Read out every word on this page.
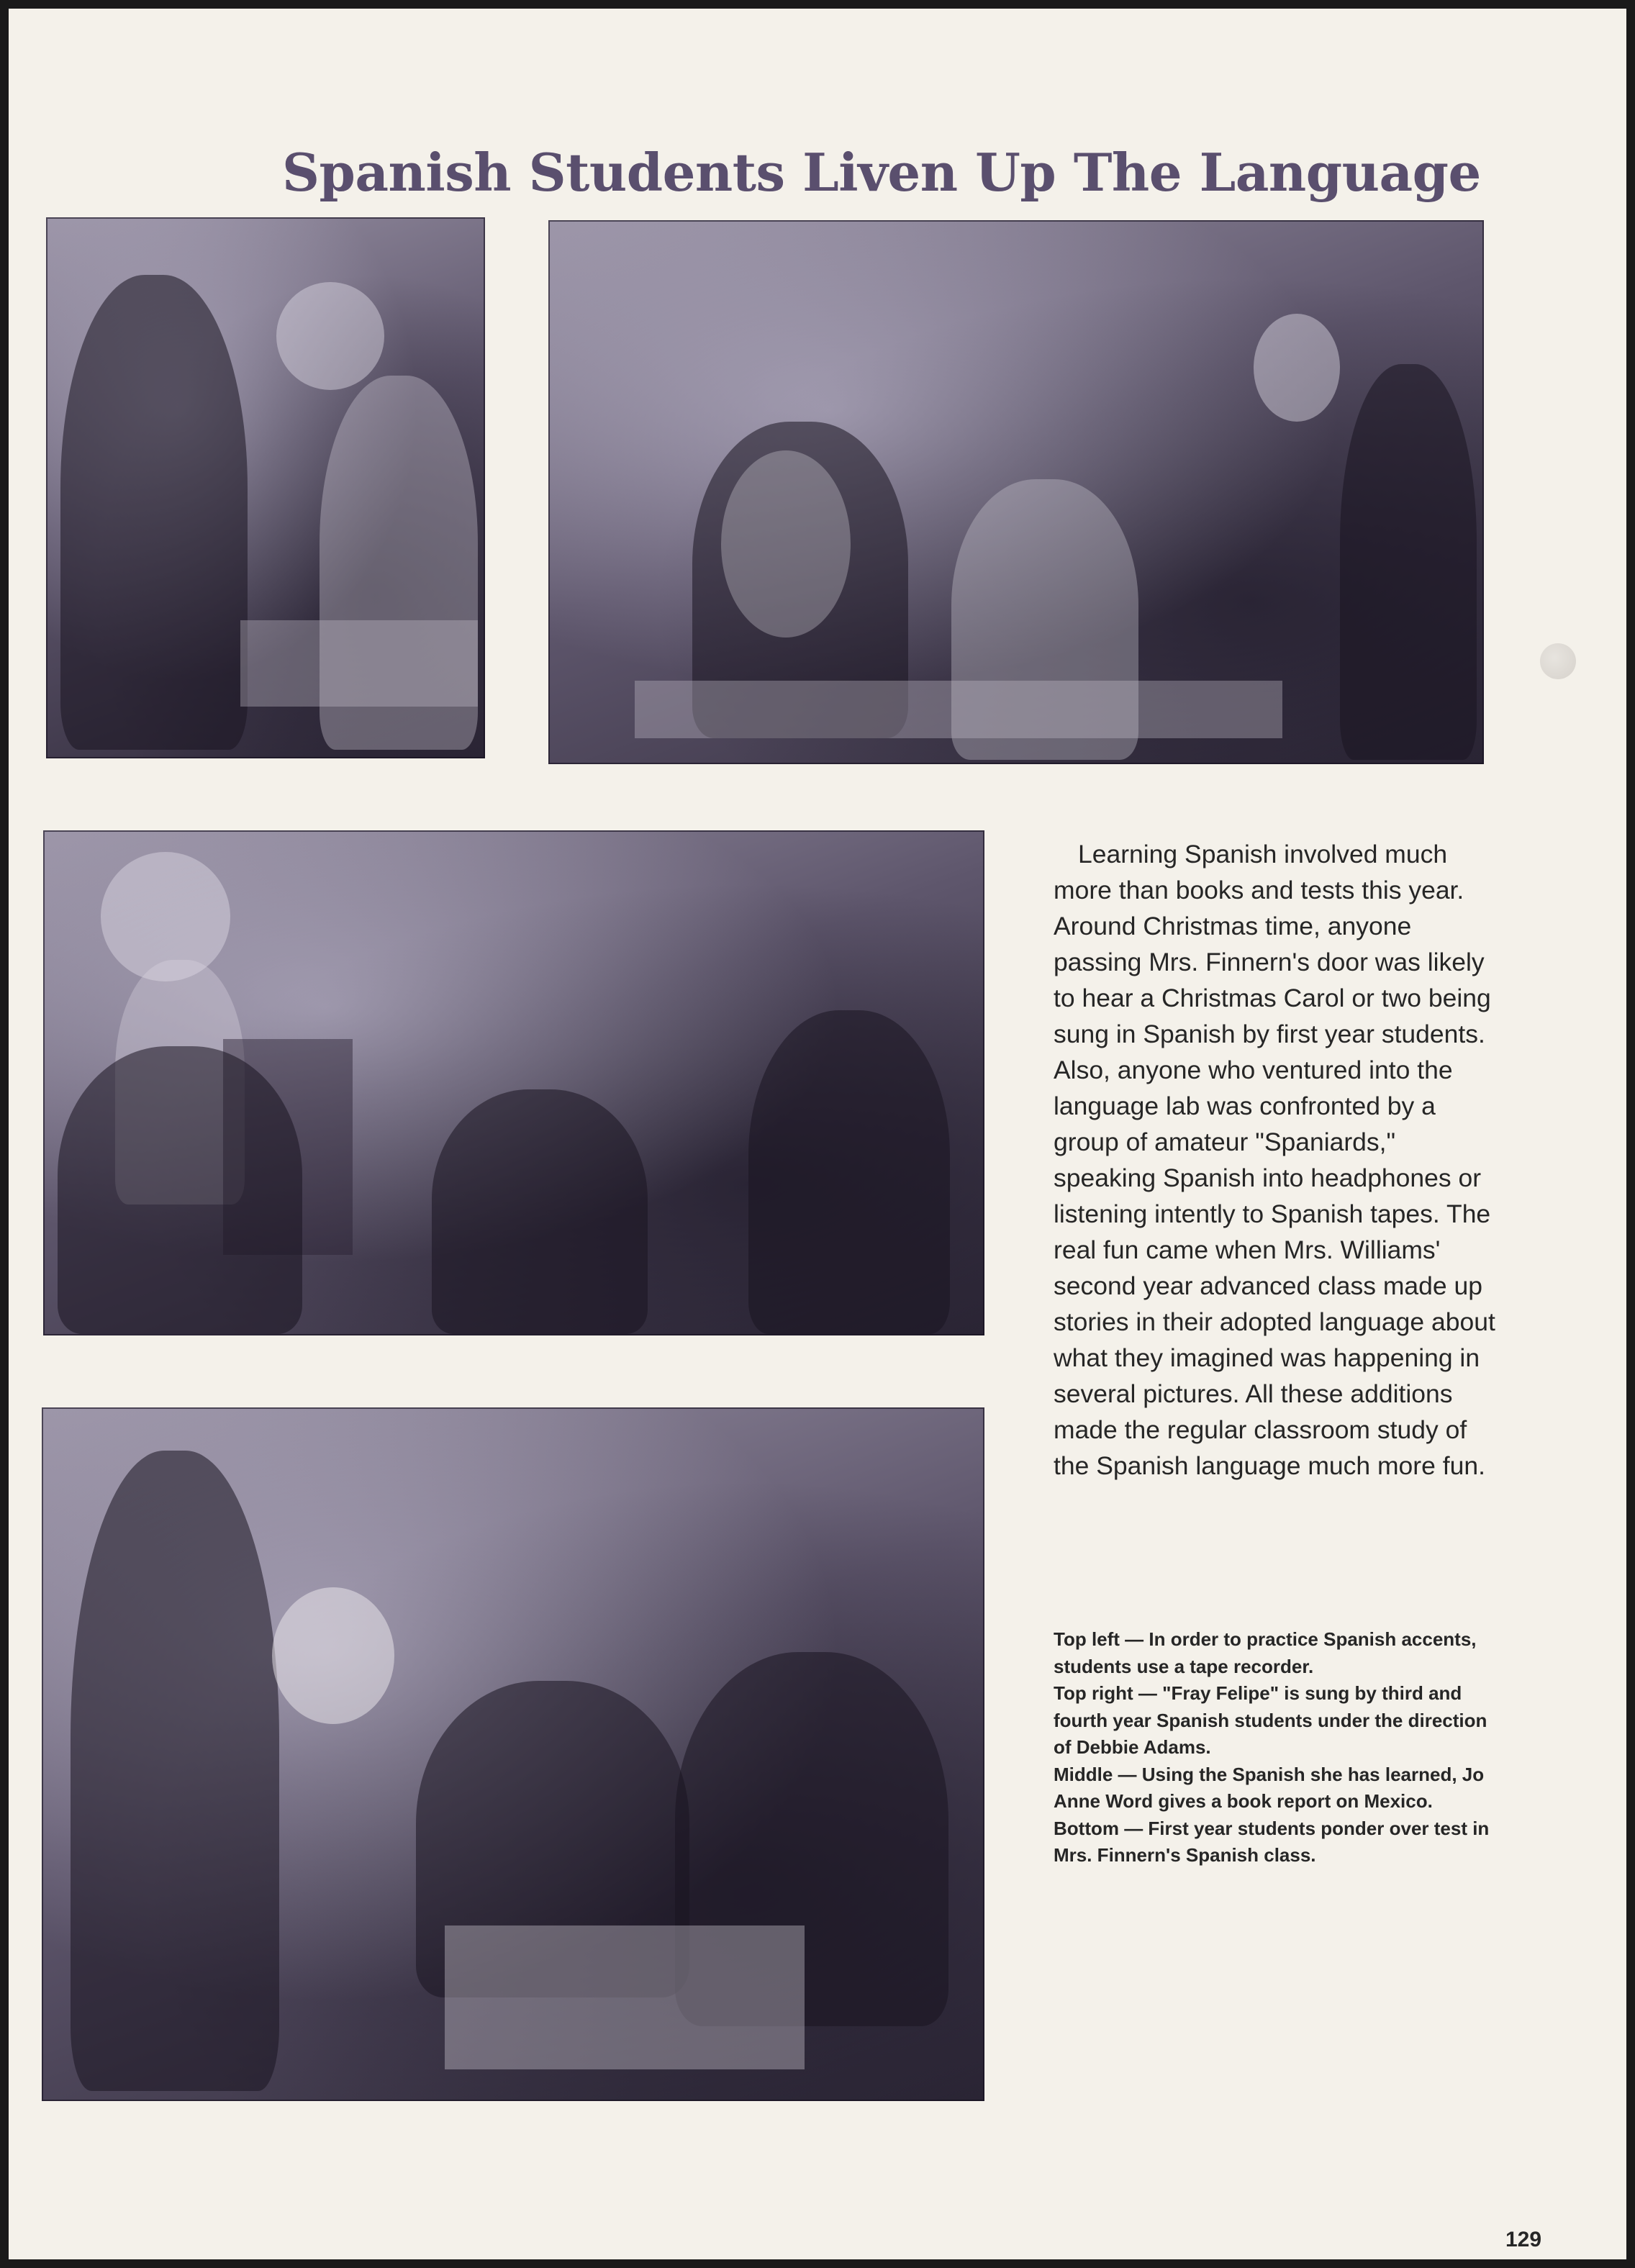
Spanish Students Liven Up The Language

Learning Spanish involved much more than books and tests this year. Around Christmas time, anyone passing Mrs. Finnern's door was likely to hear a Christmas Carol or two being sung in Spanish by first year students. Also, anyone who ventured into the language lab was confronted by a group of amateur "Spaniards," speaking Spanish into headphones or listening intently to Spanish tapes. The real fun came when Mrs. Williams' second year advanced class made up stories in their adopted language about what they imagined was happening in several pictures. All these additions made the regular classroom study of the Spanish language much more fun.

Top left — In order to practice Spanish accents, students use a tape recorder.

Top right — "Fray Felipe" is sung by third and fourth year Spanish students under the direction of Debbie Adams.

Middle — Using the Spanish she has learned, Jo Anne Word gives a book report on Mexico.

Bottom — First year students ponder over test in Mrs. Finnern's Spanish class.

129
